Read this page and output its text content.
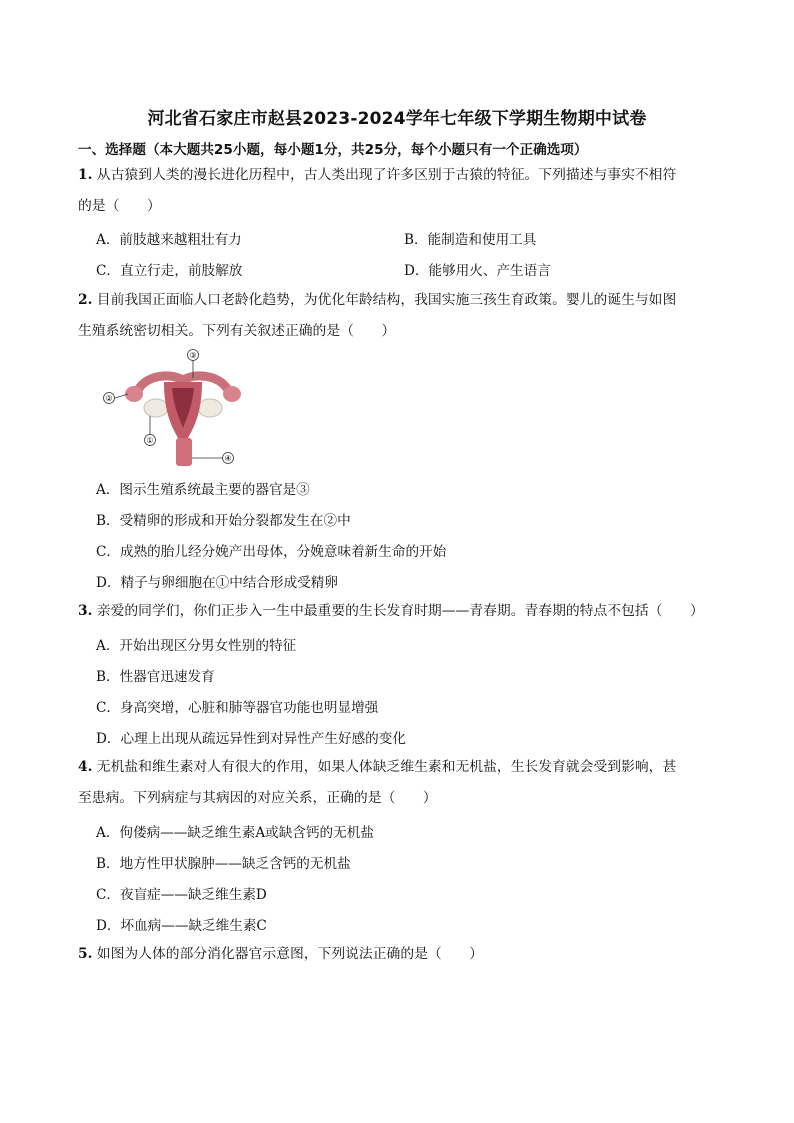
河北省石家庄市赵县2023-2024学年七年级下学期生物期中试卷
一、选择题（本大题共25小题，每小题1分，共25分，每个小题只有一个正确选项）
1. 从古猿到人类的漫长进化历程中，古人类出现了许多区别于古猿的特征。下列描述与事实不相符
的是（　　）
A．前肢越来越粗壮有力	B．能制造和使用工具
C．直立行走，前肢解放	D．能够用火、产生语言
2. 目前我国正面临人口老龄化趋势，为优化年龄结构，我国实施三孩生育政策。婴儿的诞生与如图
生殖系统密切相关。下列有关叙述正确的是（　　）
③
②
①
④
A．图示生殖系统最主要的器官是③
B．受精卵的形成和开始分裂都发生在②中
C．成熟的胎儿经分娩产出母体，分娩意味着新生命的开始
D．精子与卵细胞在①中结合形成受精卵
3. 亲爱的同学们，你们正步入一生中最重要的生长发育时期——青春期。青春期的特点不包括（　　）
A．开始出现区分男女性别的特征
B．性器官迅速发育
C．身高突增，心脏和肺等器官功能也明显增强
D．心理上出现从疏远异性到对异性产生好感的变化
4. 无机盐和维生素对人有很大的作用，如果人体缺乏维生素和无机盐，生长发育就会受到影响，甚
至患病。下列病症与其病因的对应关系，正确的是（　　）
A．佝偻病——缺乏维生素A或缺含钙的无机盐
B．地方性甲状腺肿——缺乏含钙的无机盐
C．夜盲症——缺乏维生素D
D．坏血病——缺乏维生素C
5. 如图为人体的部分消化器官示意图，下列说法正确的是（　　）
